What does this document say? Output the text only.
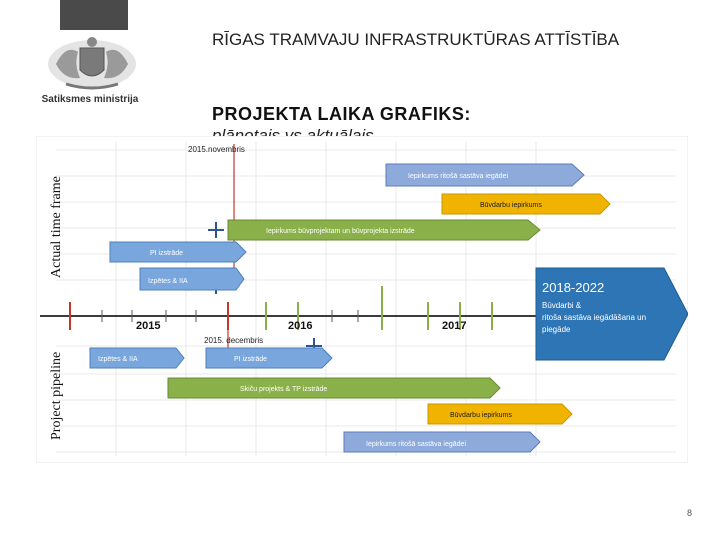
Satiksmes ministrija
RĪGAS TRAMVAJU INFRASTRUKTŪRAS ATTĪSTĪBA
PROJEKTA LAIKA GRAFIKS:
Actual time frame
Project pipeline
2015.novembris
2015. decembris
Iepirkums ritošā sastāva iegādei
Būvdarbu iepirkums
Iepirkums būvprojektam un būvprojekta izstrāde
PI izstrāde
Izpētes & IIA
2015	2016	2017
2018-2022
Būvdarbi &
ritoša sastāva iegādāšana un
piegāde
Izpētes & IIA	PI izstrāde
Skiču projekts & TP izstrāde
Būvdarbu iepirkums
Iepirkums ritošā sastāva iegādei
8
